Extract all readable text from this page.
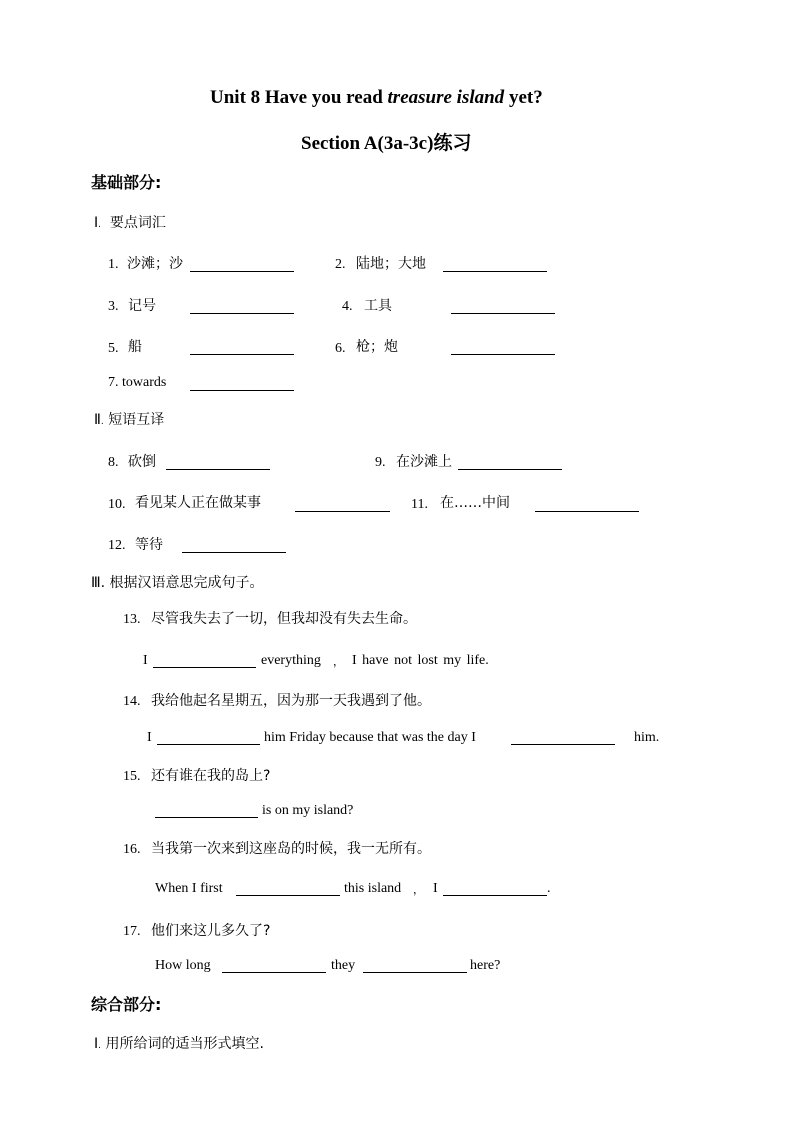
Unit 8 Have you read treasure island yet?
Section A(3a-3c)练习
基础部分:
Ⅰ. 要点词汇
1. 沙滩；沙	2. 陆地；大地
3. 记号	4. 工具
5. 船	6. 枪；炮
7. towards
Ⅱ. 短语互译
8. 砍倒	9. 在沙滩上
10. 看见某人正在做某事	11. 在……中间
12. 等待
Ⅲ. 根据汉语意思完成句子。
13. 尽管我失去了一切，但我却没有失去生命。
I	everything ， I have not lost my life.
14. 我给他起名星期五，因为那一天我遇到了他。
I	him Friday because that was the day I	him.
15. 还有谁在我的岛上?
is on my island?
16. 当我第一次来到这座岛的时候，我一无所有。
When I first	this island ， I	.
17. 他们来这儿多久了?
How long	they	here?
综合部分:
Ⅰ. 用所给词的适当形式填空.
